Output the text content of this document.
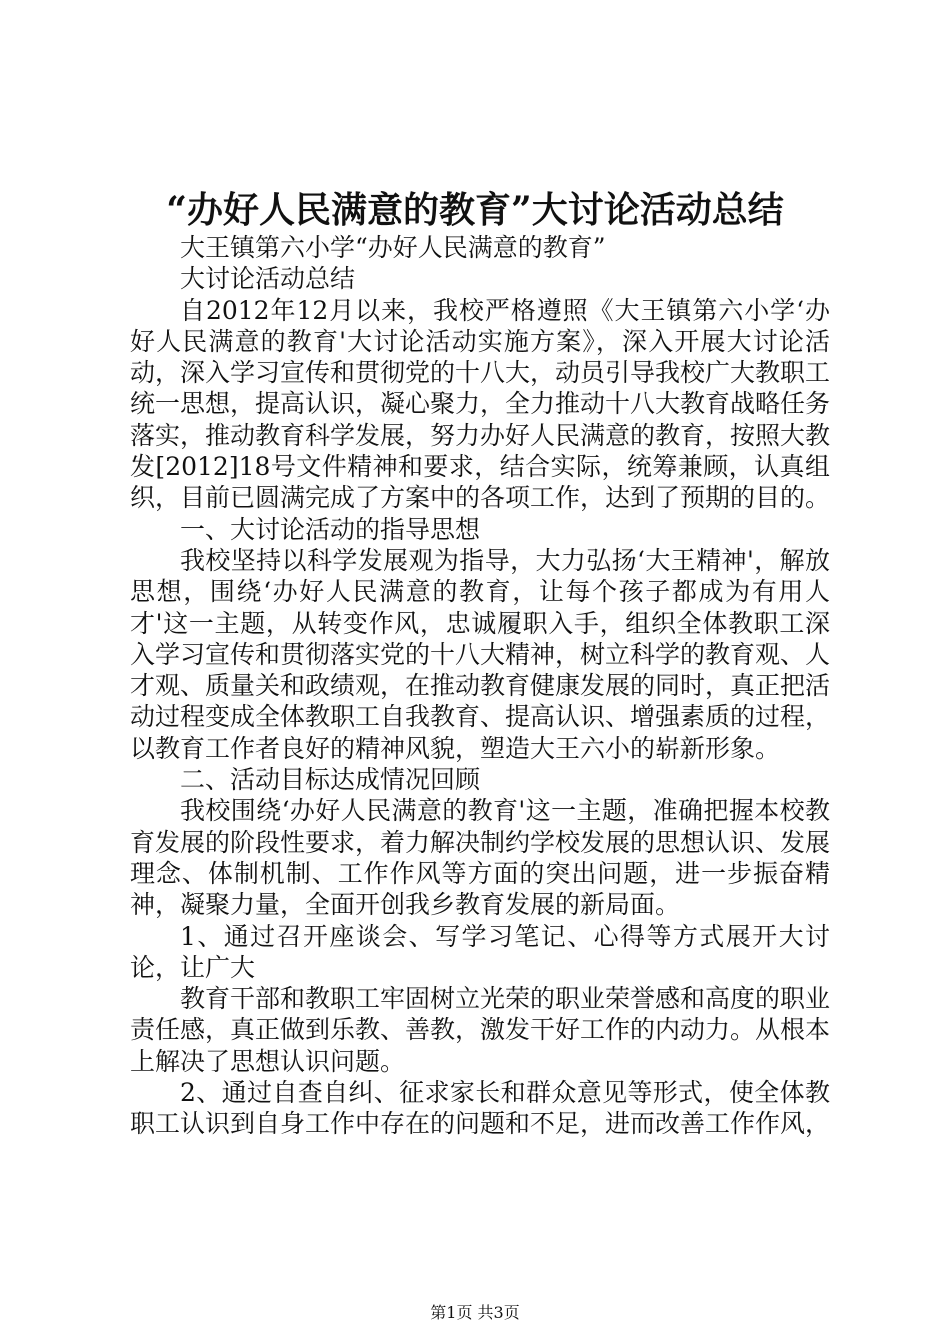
“办好人民满意的教育”大讨论活动总结

大王镇第六小学“办好人民满意的教育”

大讨论活动总结

自2012年12月以来，我校严格遵照《大王镇第六小学‘办好人民满意的教育'大讨论活动实施方案》，深入开展大讨论活动，深入学习宣传和贯彻党的十八大，动员引导我校广大教职工统一思想，提高认识，凝心聚力，全力推动十八大教育战略任务落实，推动教育科学发展，努力办好人民满意的教育，按照大教发[2012]18号文件精神和要求，结合实际，统筹兼顾，认真组织，目前已圆满完成了方案中的各项工作，达到了预期的目的。

一、大讨论活动的指导思想

我校坚持以科学发展观为指导，大力弘扬‘大王精神'，解放思想，围绕‘办好人民满意的教育，让每个孩子都成为有用人才'这一主题，从转变作风，忠诚履职入手，组织全体教职工深入学习宣传和贯彻落实党的十八大精神，树立科学的教育观、人才观、质量关和政绩观，在推动教育健康发展的同时，真正把活动过程变成全体教职工自我教育、提高认识、增强素质的过程，以教育工作者良好的精神风貌，塑造大王六小的崭新形象。

二、活动目标达成情况回顾

我校围绕‘办好人民满意的教育'这一主题，准确把握本校教育发展的阶段性要求，着力解决制约学校发展的思想认识、发展理念、体制机制、工作作风等方面的突出问题，进一步振奋精神，凝聚力量，全面开创我乡教育发展的新局面。

1、通过召开座谈会、写学习笔记、心得等方式展开大讨论，让广大

教育干部和教职工牢固树立光荣的职业荣誉感和高度的职业责任感，真正做到乐教、善教，激发干好工作的内动力。从根本上解决了思想认识问题。

2、通过自查自纠、征求家长和群众意见等形式，使全体教职工认识到自身工作中存在的问题和不足，进而改善工作作风，

第1页 共3页
